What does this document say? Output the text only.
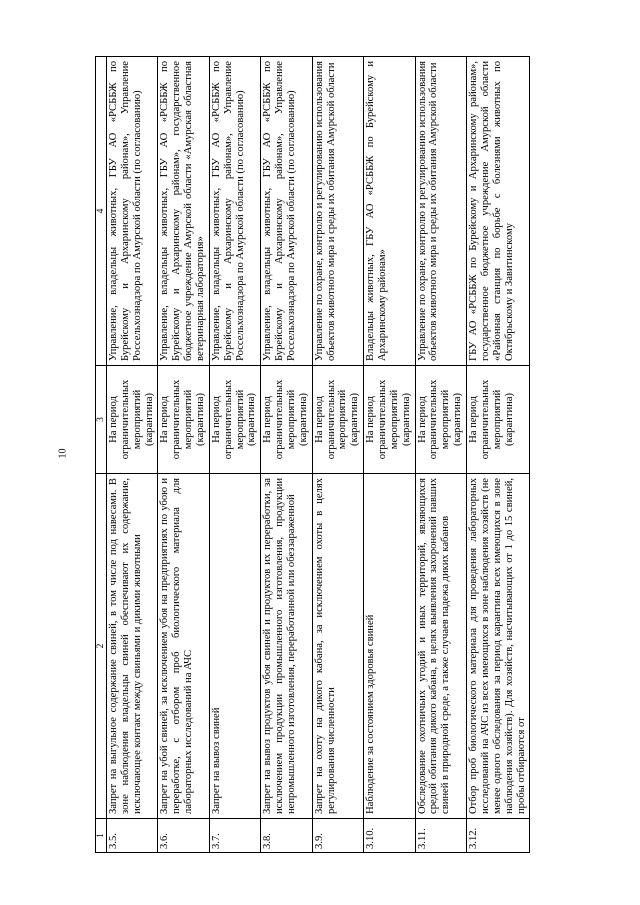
10
1	2	3	4
3.5.	Запрет на выгульное содержание свиней, в том числе под навесами. В зоне наблюдения владельцы свиней обеспечивают их содержание, исключающее контакт между свиньями и дикими животными	На период ограничительных мероприятий (карантина)	Управление, владельцы животных, ГБУ АО «РСББЖ по Бурейскому и Архаринскому районам», Управление Россельхознадзора по Амурской области (по согласованию)
3.6.	Запрет на убой свиней, за исключением убоя на предприятиях по убою и переработке, с отбором проб биологического материала для лабораторных исследований на АЧС	На период ограничительных мероприятий (карантина)	Управление, владельцы животных, ГБУ АО «РСББЖ по Бурейскому и Архаринскому районам», государственное бюджетное учреждение Амурской области «Амурская областная ветеринарная лаборатория»
3.7.	Запрет на вывоз свиней	На период ограничительных мероприятий (карантина)	Управление, владельцы животных, ГБУ АО «РСББЖ по Бурейскому и Архаринскому районам», Управление Россельхознадзора по Амурской области (по согласованию)
3.8.	Запрет на вывоз продуктов убоя свиней и продуктов их переработки, за исключением продукции промышленного изготовления, продукции непромышленного изготовления, переработанной или обеззараженной	На период ограничительных мероприятий (карантина)	Управление, владельцы животных, ГБУ АО «РСББЖ по Бурейскому и Архаринскому районам», Управление Россельхознадзора по Амурской области (по согласованию)
3.9.	Запрет на охоту на дикого кабана, за исключением охоты в целях регулирования численности	На период ограничительных мероприятий (карантина)	Управление по охране, контролю и регулированию использования объектов животного мира и среды их обитания Амурской области
3.10.	Наблюдение за состоянием здоровья свиней	На период ограничительных мероприятий (карантина)	Владельцы животных, ГБУ АО «РСББЖ по Бурейскому и Архаринскому районам»
3.11.	Обследование охотничьих угодий и иных территорий, являющихся средой обитания дикого кабана, в целях выявления захоронений павших свиней в природной среде, а также случаев падежа диких кабанов	На период ограничительных мероприятий (карантина)	Управление по охране, контролю и регулированию использования объектов животного мира и среды их обитания Амурской области
3.12.	Отбор проб биологического материала для проведения лабораторных исследований на АЧС из всех имеющихся в зоне наблюдения хозяйств (не менее одного обследования за период карантина всех имеющихся в зоне наблюдения хозяйств). Для хозяйств, насчитывающих от 1 до 15 свиней, пробы отбираются от	На период ограничительных мероприятий (карантина)	ГБУ АО «РСББЖ по Бурейскому и Архаринскому районам», государственное бюджетное учреждение Амурской области «Районная станция по борьбе с болезнями животных по Октябрьскому и Завитинскому
